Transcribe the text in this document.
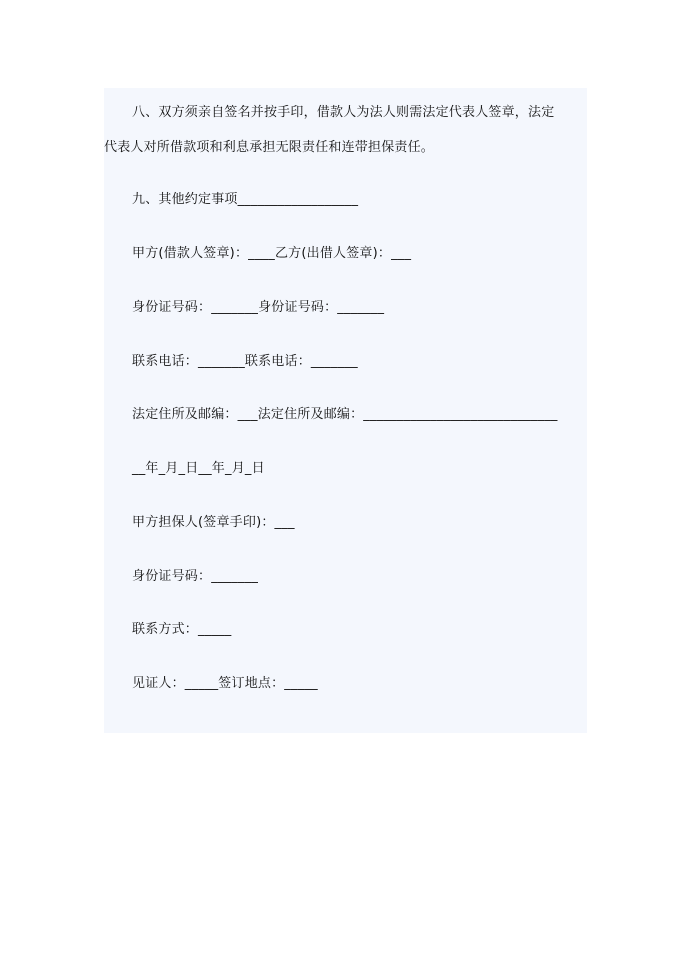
八、双方须亲自签名并按手印，借款人为法人则需法定代表人签章，法定
代表人对所借款项和利息承担无限责任和连带担保责任。
九、其他约定事项__________________
甲方(借款人签章)：____乙方(出借人签章)：___
身份证号码：_______身份证号码：_______
联系电话：_______联系电话：_______
法定住所及邮编：___法定住所及邮编：_____________________________
__年_月_日__年_月_日
甲方担保人(签章手印)：___
身份证号码：_______
联系方式：_____
见证人：_____签订地点：_____
